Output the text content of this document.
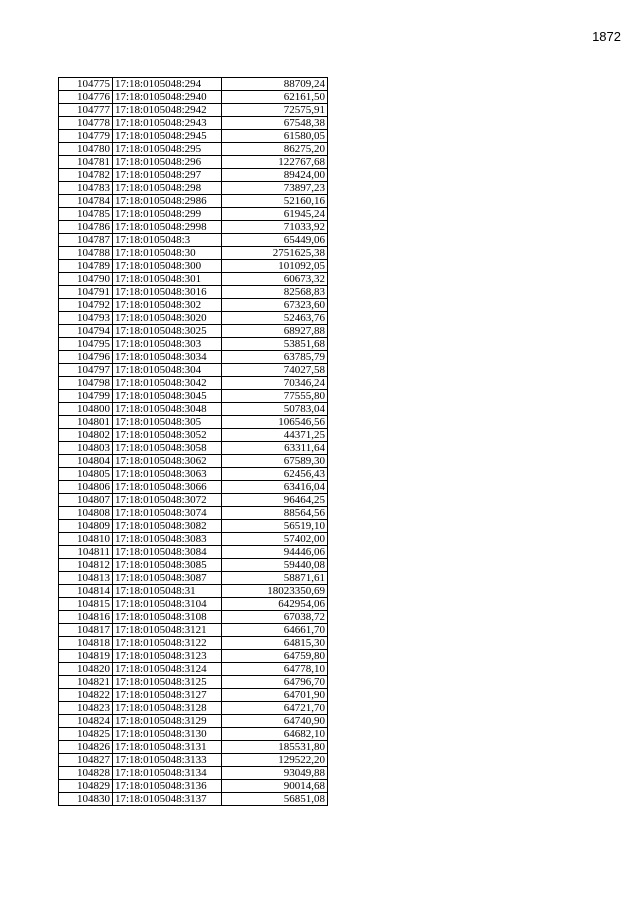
1872
104775	17:18:0105048:294	88709,24
104776	17:18:0105048:2940	62161,50
104777	17:18:0105048:2942	72575,91
104778	17:18:0105048:2943	67548,38
104779	17:18:0105048:2945	61580,05
104780	17:18:0105048:295	86275,20
104781	17:18:0105048:296	122767,68
104782	17:18:0105048:297	89424,00
104783	17:18:0105048:298	73897,23
104784	17:18:0105048:2986	52160,16
104785	17:18:0105048:299	61945,24
104786	17:18:0105048:2998	71033,92
104787	17:18:0105048:3	65449,06
104788	17:18:0105048:30	2751625,38
104789	17:18:0105048:300	101092,05
104790	17:18:0105048:301	60673,32
104791	17:18:0105048:3016	82568,83
104792	17:18:0105048:302	67323,60
104793	17:18:0105048:3020	52463,76
104794	17:18:0105048:3025	68927,88
104795	17:18:0105048:303	53851,68
104796	17:18:0105048:3034	63785,79
104797	17:18:0105048:304	74027,58
104798	17:18:0105048:3042	70346,24
104799	17:18:0105048:3045	77555,80
104800	17:18:0105048:3048	50783,04
104801	17:18:0105048:305	106546,56
104802	17:18:0105048:3052	44371,25
104803	17:18:0105048:3058	63311,64
104804	17:18:0105048:3062	67589,30
104805	17:18:0105048:3063	62456,43
104806	17:18:0105048:3066	63416,04
104807	17:18:0105048:3072	96464,25
104808	17:18:0105048:3074	88564,56
104809	17:18:0105048:3082	56519,10
104810	17:18:0105048:3083	57402,00
104811	17:18:0105048:3084	94446,06
104812	17:18:0105048:3085	59440,08
104813	17:18:0105048:3087	58871,61
104814	17:18:0105048:31	18023350,69
104815	17:18:0105048:3104	642954,06
104816	17:18:0105048:3108	67038,72
104817	17:18:0105048:3121	64661,70
104818	17:18:0105048:3122	64815,30
104819	17:18:0105048:3123	64759,80
104820	17:18:0105048:3124	64778,10
104821	17:18:0105048:3125	64796,70
104822	17:18:0105048:3127	64701,90
104823	17:18:0105048:3128	64721,70
104824	17:18:0105048:3129	64740,90
104825	17:18:0105048:3130	64682,10
104826	17:18:0105048:3131	185531,80
104827	17:18:0105048:3133	129522,20
104828	17:18:0105048:3134	93049,88
104829	17:18:0105048:3136	90014,68
104830	17:18:0105048:3137	56851,08
